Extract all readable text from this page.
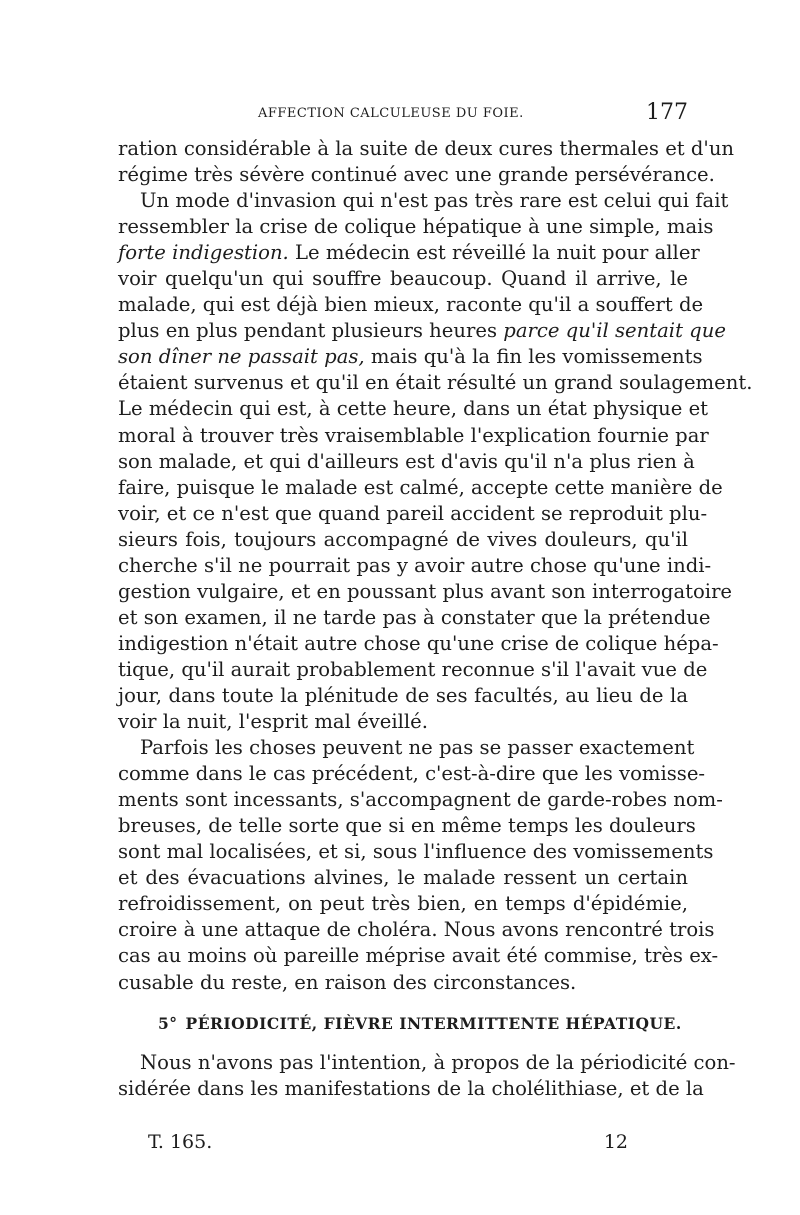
AFFECTION CALCULEUSE DU FOIE.	177
ration considérable à la suite de deux cures thermales et d'un
régime très sévère continué avec une grande persévérance.
Un mode d'invasion qui n'est pas très rare est celui qui fait
ressembler la crise de colique hépatique à une simple, mais
forte indigestion. Le médecin est réveillé la nuit pour aller
voir quelqu'un qui souffre beaucoup. Quand il arrive, le
malade, qui est déjà bien mieux, raconte qu'il a souffert de
plus en plus pendant plusieurs heures parce qu'il sentait que
son dîner ne passait pas, mais qu'à la fin les vomissements
étaient survenus et qu'il en était résulté un grand soulagement.
Le médecin qui est, à cette heure, dans un état physique et
moral à trouver très vraisemblable l'explication fournie par
son malade, et qui d'ailleurs est d'avis qu'il n'a plus rien à
faire, puisque le malade est calmé, accepte cette manière de
voir, et ce n'est que quand pareil accident se reproduit plu-
sieurs fois, toujours accompagné de vives douleurs, qu'il
cherche s'il ne pourrait pas y avoir autre chose qu'une indi-
gestion vulgaire, et en poussant plus avant son interrogatoire
et son examen, il ne tarde pas à constater que la prétendue
indigestion n'était autre chose qu'une crise de colique hépa-
tique, qu'il aurait probablement reconnue s'il l'avait vue de
jour, dans toute la plénitude de ses facultés, au lieu de la
voir la nuit, l'esprit mal éveillé.
Parfois les choses peuvent ne pas se passer exactement
comme dans le cas précédent, c'est-à-dire que les vomisse-
ments sont incessants, s'accompagnent de garde-robes nom-
breuses, de telle sorte que si en même temps les douleurs
sont mal localisées, et si, sous l'influence des vomissements
et des évacuations alvines, le malade ressent un certain
refroidissement, on peut très bien, en temps d'épidémie,
croire à une attaque de choléra. Nous avons rencontré trois
cas au moins où pareille méprise avait été commise, très ex-
cusable du reste, en raison des circonstances.
5° PÉRIODICITÉ, FIÈVRE INTERMITTENTE HÉPATIQUE.
Nous n'avons pas l'intention, à propos de la périodicité con-
sidérée dans les manifestations de la cholélithiase, et de la
T. 165.	12
